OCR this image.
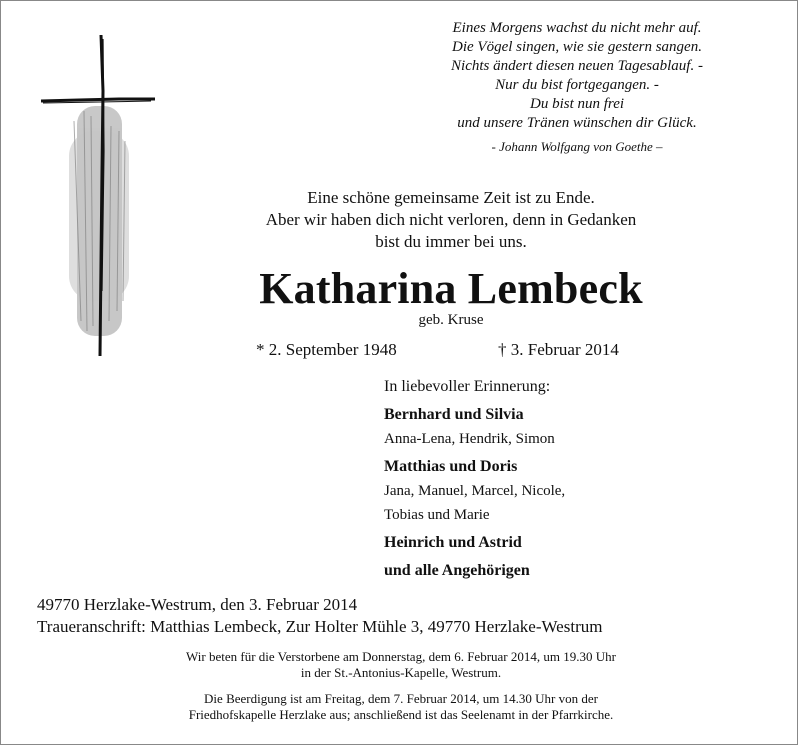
Eines Morgens wachst du nicht mehr auf.
Die Vögel singen, wie sie gestern sangen.
Nichts ändert diesen neuen Tagesablauf. -
Nur du bist fortgegangen. -
Du bist nun frei
und unsere Tränen wünschen dir Glück.
- Johann Wolfgang von Goethe –
Eine schöne gemeinsame Zeit ist zu Ende.
Aber wir haben dich nicht verloren, denn in Gedanken
bist du immer bei uns.
Katharina Lembeck
geb. Kruse
* 2. September 1948	† 3. Februar 2014
In liebevoller Erinnerung:
Bernhard und Silvia
Anna-Lena, Hendrik, Simon
Matthias und Doris
Jana, Manuel, Marcel, Nicole,
Tobias und Marie
Heinrich und Astrid
und alle Angehörigen
49770 Herzlake-Westrum, den 3. Februar 2014
Traueranschrift: Matthias Lembeck, Zur Holter Mühle 3, 49770 Herzlake-Westrum
Wir beten für die Verstorbene am Donnerstag, dem 6. Februar 2014, um 19.30 Uhr
in der St.-Antonius-Kapelle, Westrum.
Die Beerdigung ist am Freitag, dem 7. Februar 2014, um 14.30 Uhr von der
Friedhofskapelle Herzlake aus; anschließend ist das Seelenamt in der Pfarrkirche.
